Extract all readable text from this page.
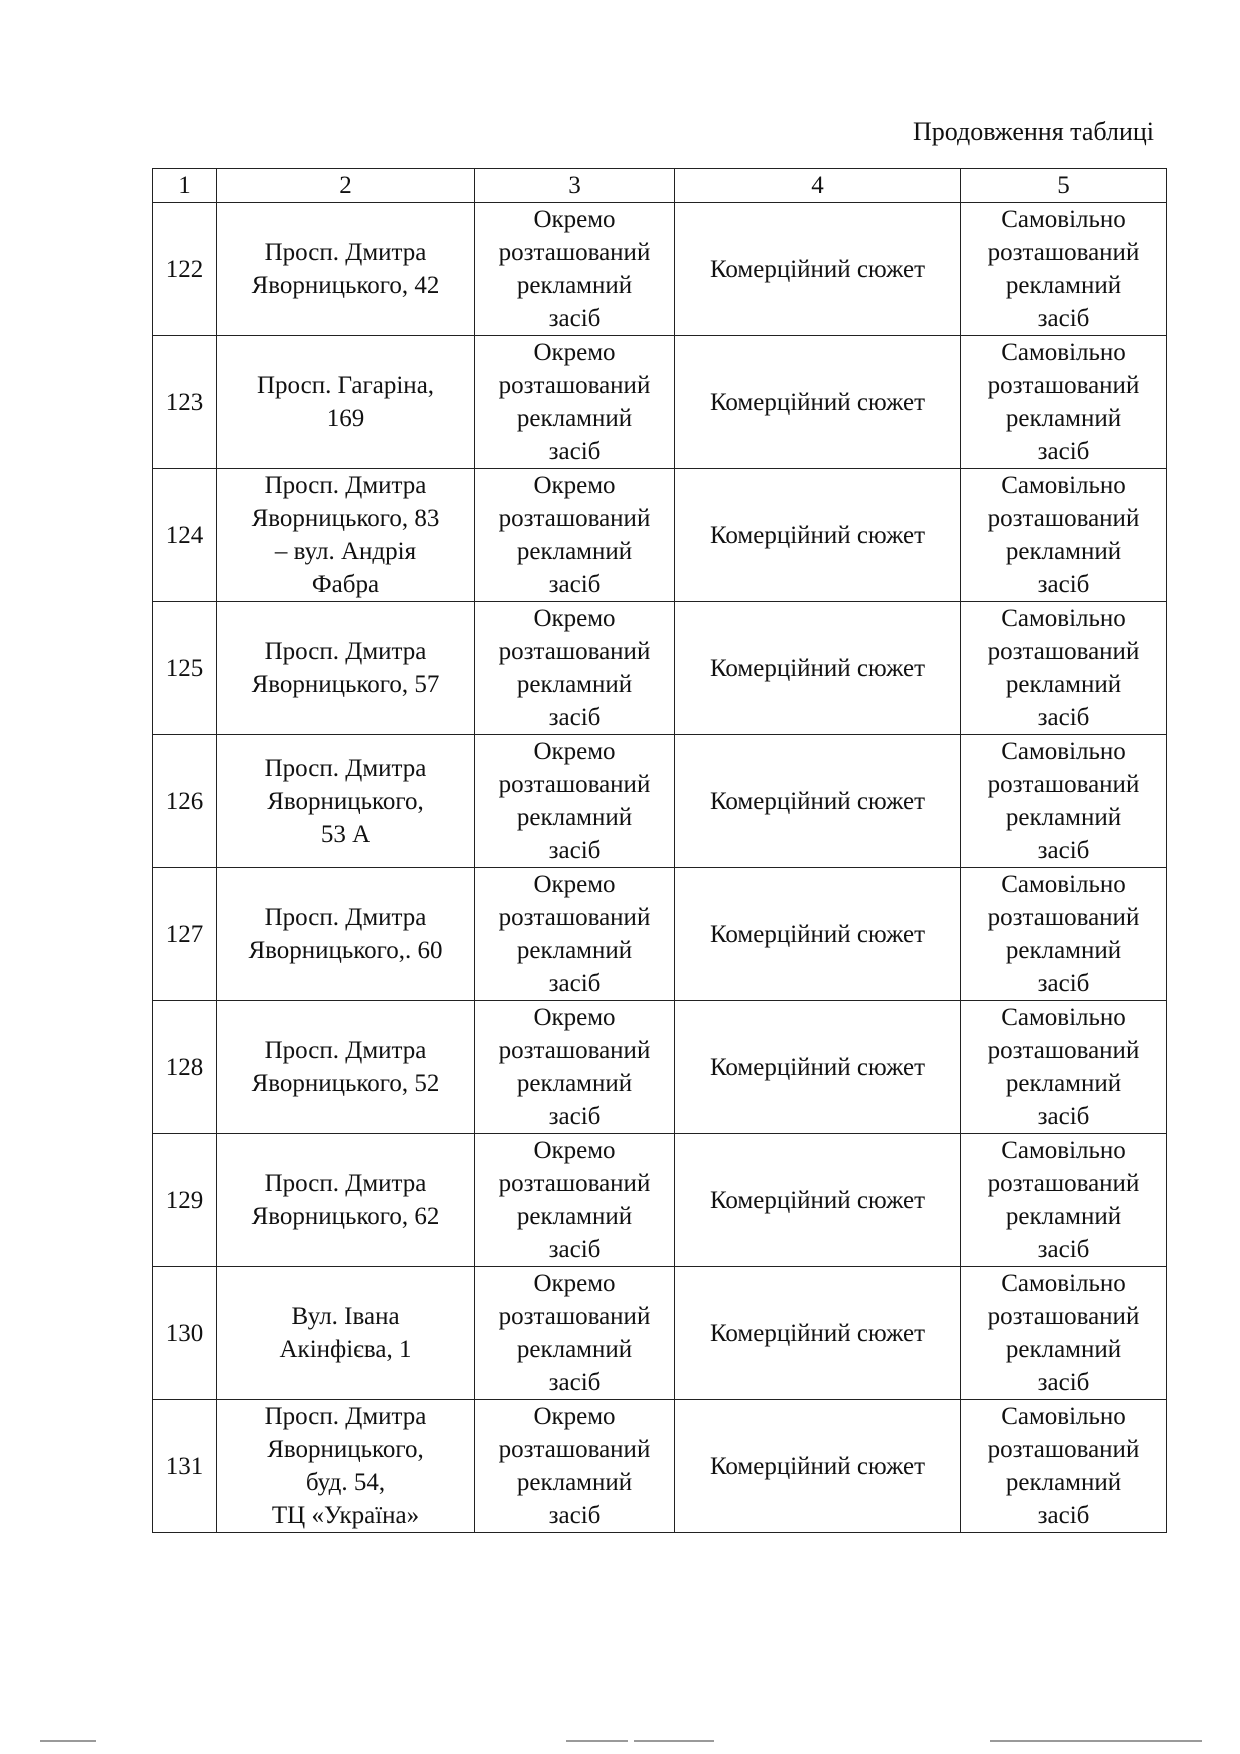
Продовження таблиці
1	2	3	4	5

122	Просп. Дмитра
Яворницького, 42	Окремо
розташований
рекламний
засіб	Комерційний сюжет	Самовільно
розташований
рекламний
засіб

123	Просп. Гагаріна,
169	Окремо
розташований
рекламний
засіб	Комерційний сюжет	Самовільно
розташований
рекламний
засіб

124	Просп. Дмитра
Яворницького, 83
– вул. Андрія
Фабра	Окремо
розташований
рекламний
засіб	Комерційний сюжет	Самовільно
розташований
рекламний
засіб

125	Просп. Дмитра
Яворницького, 57	Окремо
розташований
рекламний
засіб	Комерційний сюжет	Самовільно
розташований
рекламний
засіб

126	Просп. Дмитра
Яворницького,
53 А	Окремо
розташований
рекламний
засіб	Комерційний сюжет	Самовільно
розташований
рекламний
засіб

127	Просп. Дмитра
Яворницького,. 60	Окремо
розташований
рекламний
засіб	Комерційний сюжет	Самовільно
розташований
рекламний
засіб

128	Просп. Дмитра
Яворницького, 52	Окремо
розташований
рекламний
засіб	Комерційний сюжет	Самовільно
розташований
рекламний
засіб

129	Просп. Дмитра
Яворницького, 62	Окремо
розташований
рекламний
засіб	Комерційний сюжет	Самовільно
розташований
рекламний
засіб

130	Вул. Івана
Акінфієва, 1	Окремо
розташований
рекламний
засіб	Комерційний сюжет	Самовільно
розташований
рекламний
засіб

131	Просп. Дмитра
Яворницького,
буд. 54,
ТЦ «Україна»	Окремо
розташований
рекламний
засіб	Комерційний сюжет	Самовільно
розташований
рекламний
засіб
